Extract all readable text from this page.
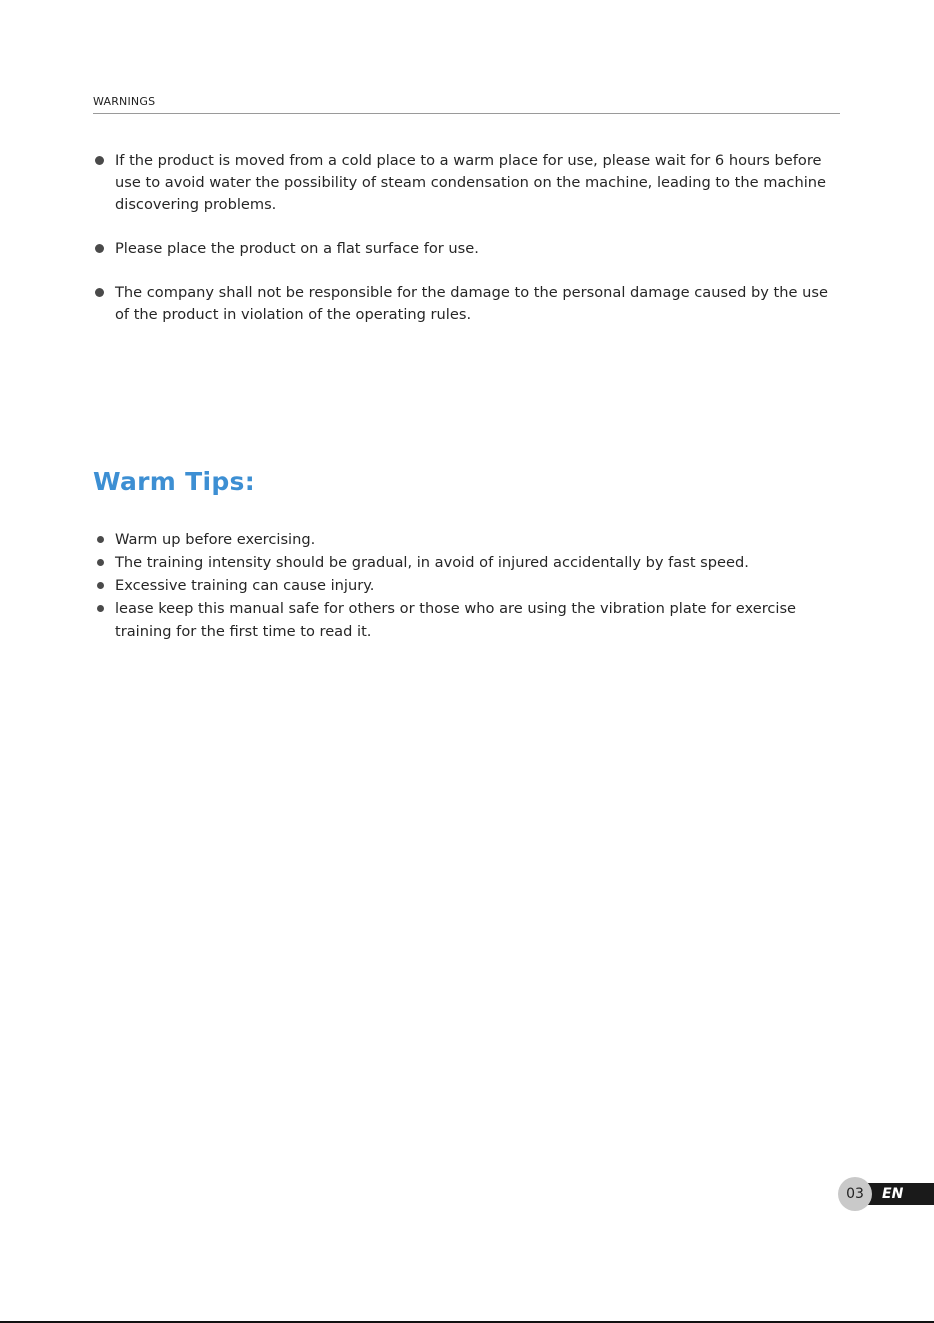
WARNINGS
If the product is moved from a cold place to a warm place for use, please wait for 6 hours before use to avoid water the possibility of steam condensation on the machine, leading to the machine discovering problems.
Please place the product on a flat surface for use.
The company shall not be responsible for the damage to the personal damage caused by the use of the product in violation of the operating rules.
Warm Tips:
Warm up before exercising.
The training intensity should be gradual, in avoid of injured accidentally by fast speed.
Excessive training can cause injury.
lease keep this manual safe for others or those who are using the vibration plate for exercise training for the first time to read it.
EN
03
